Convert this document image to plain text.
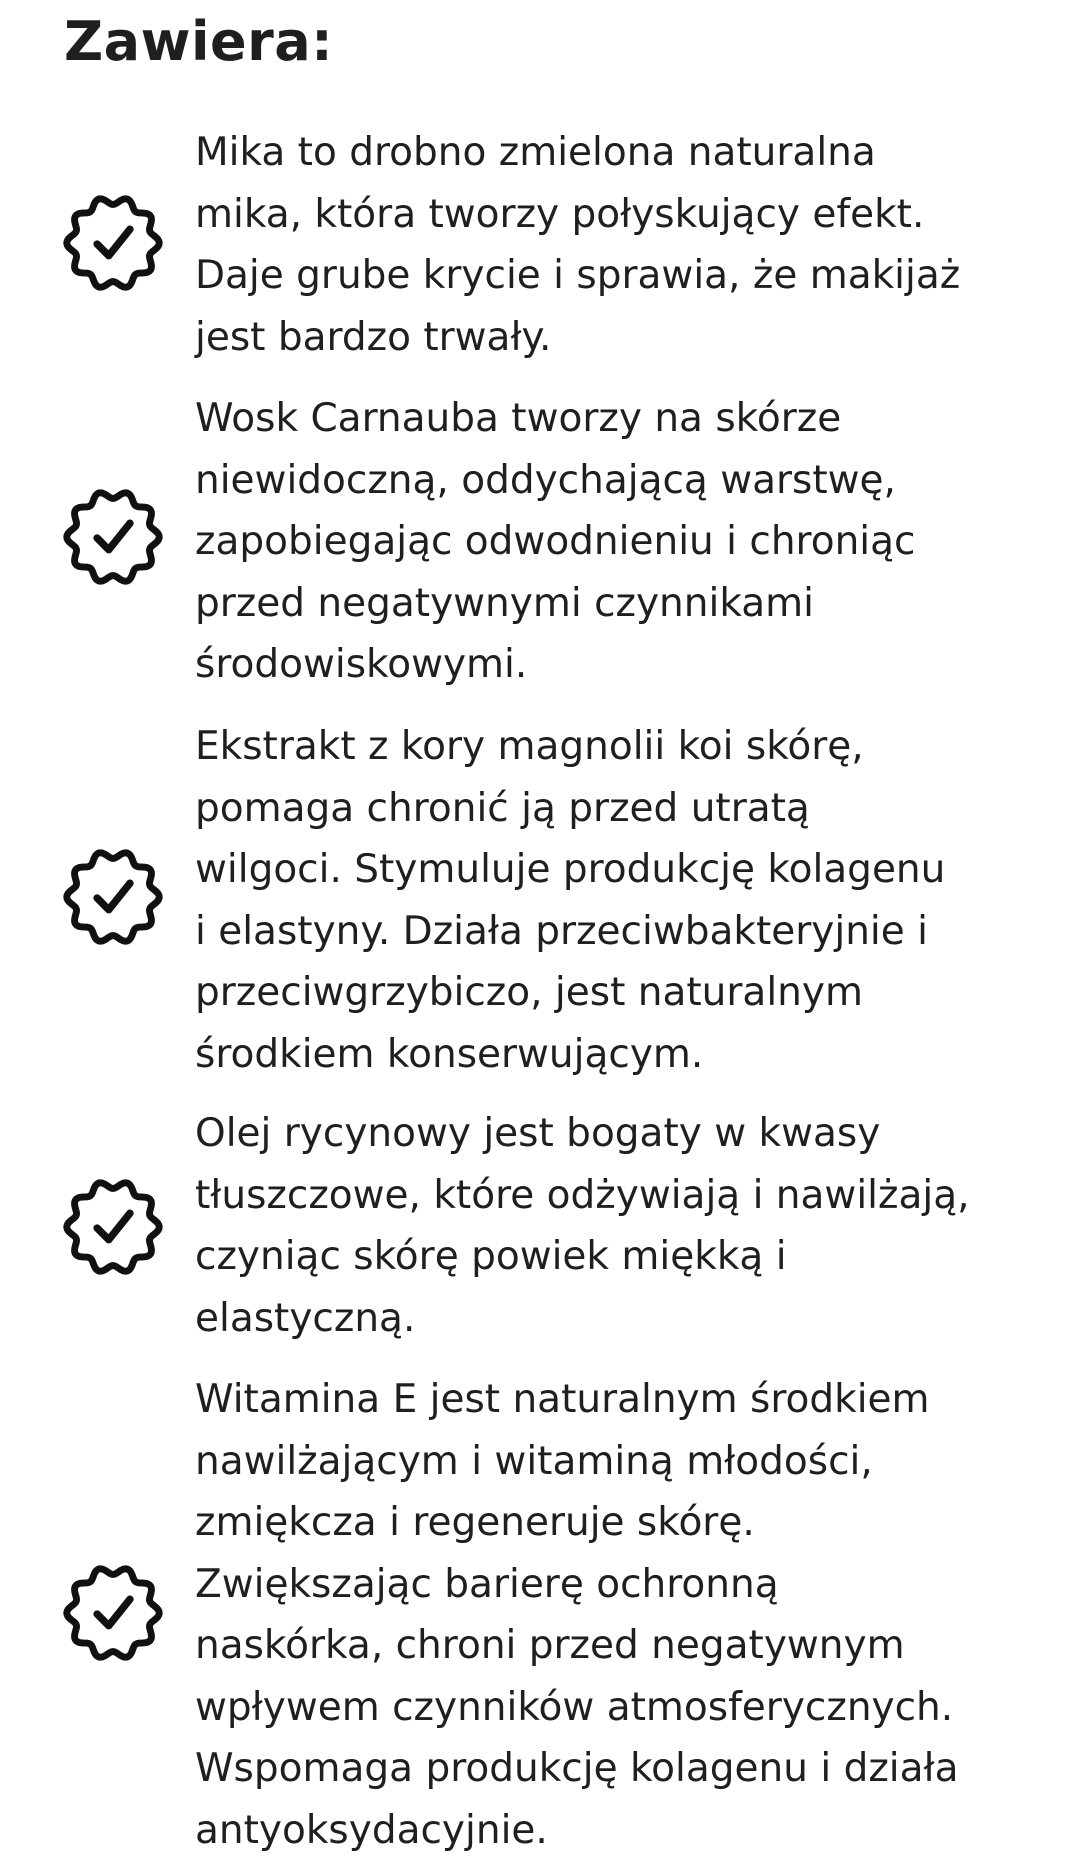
Zawiera:

Mika to drobno zmielona naturalna
mika, która tworzy połyskujący efekt.
Daje grube krycie i sprawia, że makijaż
jest bardzo trwały.

Wosk Carnauba tworzy na skórze
niewidoczną, oddychającą warstwę,
zapobiegając odwodnieniu i chroniąc
przed negatywnymi czynnikami
środowiskowymi.

Ekstrakt z kory magnolii koi skórę,
pomaga chronić ją przed utratą
wilgoci. Stymuluje produkcję kolagenu
i elastyny. Działa przeciwbakteryjnie i
przeciwgrzybiczo, jest naturalnym
środkiem konserwującym.

Olej rycynowy jest bogaty w kwasy
tłuszczowe, które odżywiają i nawilżają,
czyniąc skórę powiek miękką i
elastyczną.

Witamina E jest naturalnym środkiem
nawilżającym i witaminą młodości,
zmiękcza i regeneruje skórę.
Zwiększając barierę ochronną
naskórka, chroni przed negatywnym
wpływem czynników atmosferycznych.
Wspomaga produkcję kolagenu i działa
antyoksydacyjnie.
